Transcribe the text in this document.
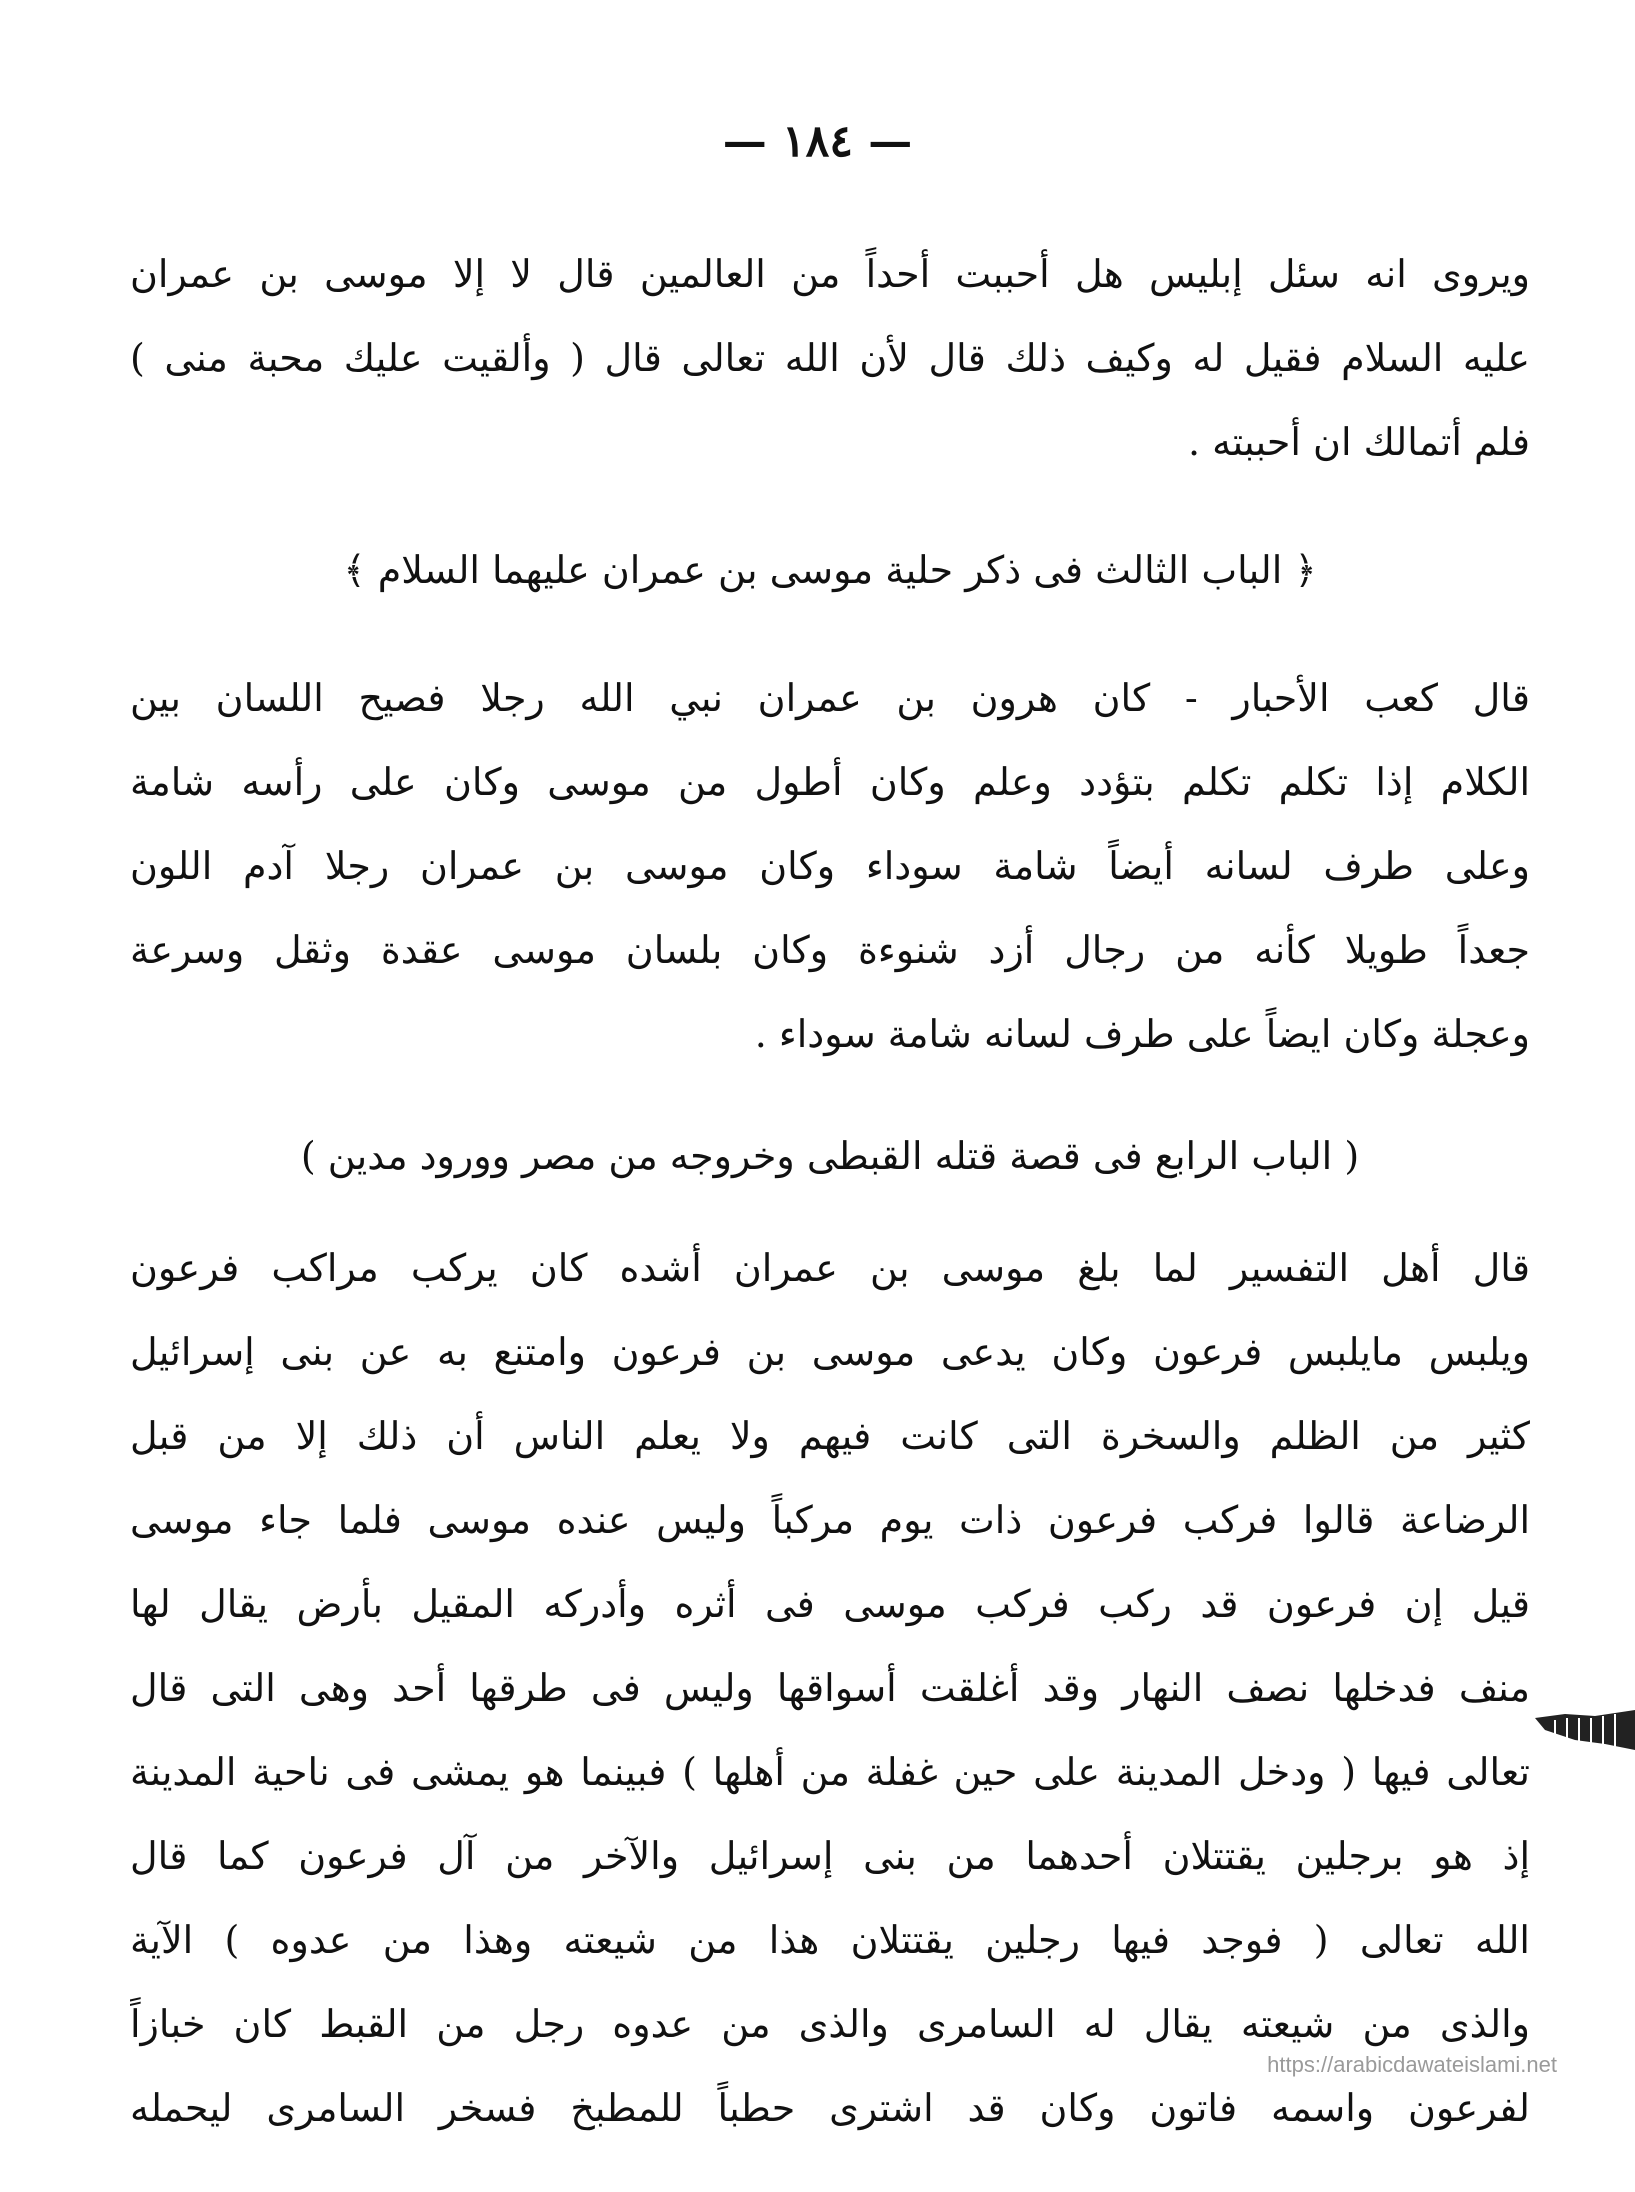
— ١٨٤ —
ويروى انه سئل إبليس هل أحببت أحداً من العالمين قال لا إلا موسى بن عمران
عليه السلام فقيل له وكيف ذلك قال لأن الله تعالى قال ( وألقيت عليك محبة منى )
فلم أتمالك ان أحببته .
﴿ الباب الثالث فى ذكر حلية موسى بن عمران عليهما السلام ﴾
قال كعب الأحبار - كان هرون بن عمران نبي الله رجلا فصيح اللسان بين
الكلام إذا تكلم تكلم بتؤدد وعلم وكان أطول من موسى وكان على رأسه شامة
وعلى طرف لسانه أيضاً شامة سوداء وكان موسى بن عمران رجلا آدم اللون
جعداً طويلا كأنه من رجال أزد شنوءة وكان بلسان موسى عقدة وثقل وسرعة
وعجلة وكان ايضاً على طرف لسانه شامة سوداء .
( الباب الرابع فى قصة قتله القبطى وخروجه من مصر وورود مدين )
قال أهل التفسير لما بلغ موسى بن عمران أشده كان يركب مراكب فرعون
ويلبس مايلبس فرعون وكان يدعى موسى بن فرعون وامتنع به عن بنى إسرائيل
كثير من الظلم والسخرة التى كانت فيهم ولا يعلم الناس أن ذلك إلا من قبل
الرضاعة قالوا فركب فرعون ذات يوم مركباً وليس عنده موسى فلما جاء موسى
قيل إن فرعون قد ركب فركب موسى فى أثره وأدركه المقيل بأرض يقال لها
منف فدخلها نصف النهار وقد أغلقت أسواقها وليس فى طرقها أحد وهى التى قال
تعالى فيها ( ودخل المدينة على حين غفلة من أهلها ) فبينما هو يمشى فى ناحية المدينة
إذ هو برجلين يقتتلان أحدهما من بنى إسرائيل والآخر من آل فرعون كما قال
الله تعالى ( فوجد فيها رجلين يقتتلان هذا من شيعته وهذا من عدوه ) الآية
والذى من شيعته يقال له السامرى والذى من عدوه رجل من القبط كان خبازاً
لفرعون واسمه فاتون وكان قد اشترى حطباً للمطبخ فسخر السامرى ليحمله
https://arabicdawateislami.net
